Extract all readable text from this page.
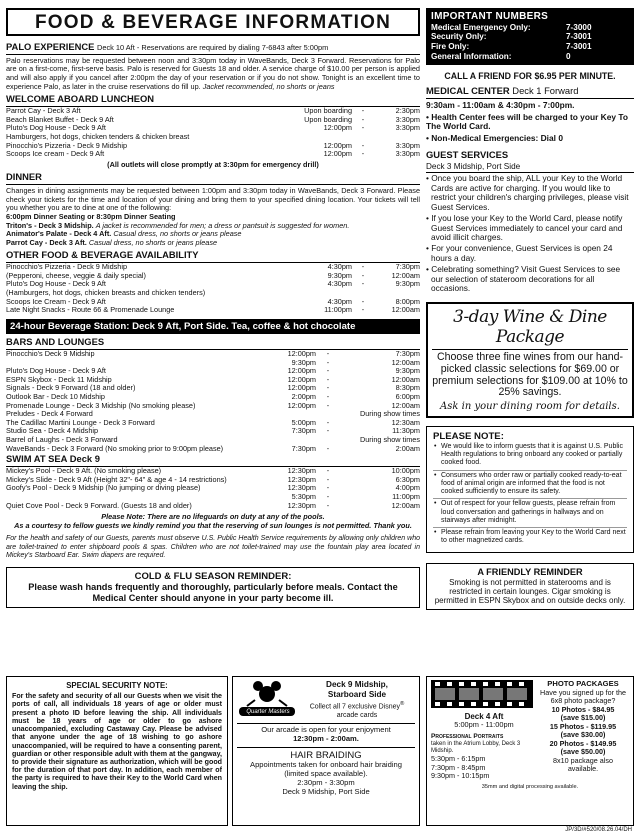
FOOD & BEVERAGE INFORMATION
PALO EXPERIENCE Deck 10 Aft - Reservations are required by dialing 7-6843 after 5:00pm

Palo reservations may be requested between noon and 3:30pm today in WaveBands, Deck 3 Forward. Reservations for Palo are on a first-come, first-serve basis. Palo is reserved for Guests 18 and older. A service charge of $10.00 per person is applied and will also apply if you cancel after 2:00pm the day of your reservation or if you do not show. Tonight is an excellent time to experience Palo, as later in the cruise reservations do fill up. Jacket recommended, no shorts or jeans

WELCOME ABOARD LUNCHEON
Parrot Cay - Deck 3 Aft	Upon boarding	-	2:30pm
Beach Blanket Buffet - Deck 9 Aft	Upon boarding	-	3:30pm
Pluto's Dog House - Deck 9 Aft	12:00pm	-	3:30pm
Hamburgers, hot dogs, chicken tenders & chicken breast
Pinocchio's Pizzeria - Deck 9 Midship	12:00pm	-	3:30pm
Scoops Ice cream - Deck 9 Aft	12:00pm	-	3:30pm
(All outlets will close promptly at 3:30pm for emergency drill)
DINNER

Changes in dining assignments may be requested between 1:00pm and 3:30pm today in WaveBands, Deck 3 Forward. Please check your tickets for the time and location of your dining and bring them to your specified dining location. Your tickets will tell you whether you are to dine at one of the following:

6:00pm Dinner Seating or 8:30pm Dinner Seating
Triton's - Deck 3 Midship. A jacket is recommended for men; a dress or pantsuit is suggested for women.
Animator's Palate - Deck 4 Aft. Casual dress, no shorts or jeans please
Parrot Cay - Deck 3 Aft. Casual dress, no shorts or jeans please
OTHER FOOD & BEVERAGE AVAILABILITY
Pinocchio's Pizzeria - Deck 9 Midship	4:30pm	-	7:30pm
(Pepperoni, cheese, veggie & daily special)	9:30pm	-	12:00am
Pluto's Dog House - Deck 9 Aft	4:30pm	-	9:30pm
(Hamburgers, hot dogs, chicken breasts and chicken tenders)
Scoops Ice Cream - Deck 9 Aft	4:30pm	-	8:00pm
Late Night Snacks - Route 66 & Promenade Lounge	11:00pm	-	12:00am
24-hour Beverage Station: Deck 9 Aft, Port Side. Tea, coffee & hot chocolate
BARS AND LOUNGES
Pinocchio's Deck 9 Midship	12:00pm	-	7:30pm
9:30pm	-	12:00am
Pluto's Dog House - Deck 9 Aft	12:00pm	-	9:30pm
ESPN Skybox - Deck 11 Midship	12:00pm	-	12:00am
Signals - Deck 9 Forward (18 and older)	12:00pm	-	8:30pm
Outlook Bar - Deck 10 Midship	2:00pm	-	6:00pm
Promenade Lounge - Deck 3 Midship (No smoking please)	12:00pm	-	12:00am
Preludes - Deck 4 Forward	During show times
The Cadillac Martini Lounge - Deck 3 Forward	5:00pm	-	12:30am
Studio Sea - Deck 4 Midship	7:30pm	-	11:30pm
Barrel of Laughs - Deck 3 Forward	During show times
WaveBands - Deck 3 Forward (No smoking prior to 9:00pm please)	7:30pm	-	2:00am
SWIM AT SEA Deck 9
Mickey's Pool - Deck 9 Aft. (No smoking please)	12:30pm	-	10:00pm
Mickey's Slide - Deck 9 Aft (Height 32"- 64" & age 4 - 14 restrictions)	12:30pm	-	6:30pm
Goofy's Pool - Deck 9 Midship (No jumping or diving please)	12:30pm	-	4:00pm
5:30pm	-	11:00pm
Quiet Cove Pool - Deck 9 Forward. (Guests 18 and older)	12:30pm	-	12:00am
Please Note: There are no lifeguards on duty at any of the pools.
As a courtesy to fellow guests we kindly remind you that the reserving of sun lounges is not permitted. Thank you.

For the health and safety of our Guests, parents must observe U.S. Public Health Service requirements by allowing only children who are toilet-trained to enter shipboard pools & spas. Children who are not toilet-trained may use the fountain play area located in Mickey's Starboard Ear. Swim diapers are required.

COLD & FLU SEASON REMINDER:
Please wash hands frequently and thoroughly, particularly before meals. Contact the Medical Center should anyone in your party become ill.
SPECIAL SECURITY NOTE:

For the safety and security of all our Guests when we visit the ports of call, all individuals 18 years of age or older must present a photo ID before leaving the ship. All individuals must be 18 years of age or older to go ashore unaccompanied, excluding Castaway Cay. Please be advised that anyone under the age of 18 wishing to go ashore unaccompanied, will be required to have a consenting parent, guardian or other responsible adult with them at the gangway, to provide their signature as authorization, which will be good for the duration of that port day. In addition, each member of the party is required to have their Key to the World Card when leaving the ship.

Quarter Masters
Deck 9 Midship,
Starboard Side
Collect all 7 exclusive Disney®
arcade cards
Our arcade is open for your enjoyment
12:30pm - 2:00am.
HAIR BRAIDING
Appointments taken for onboard hair braiding (limited space available).
2:30pm - 3:30pm
Deck 9 Midship, Port Side
Deck 4 Aft
5:00pm - 11:00pm
Professional Portraits
taken in the Atrium Lobby, Deck 3 Midship.
5:30pm - 6:15pm
7:30pm - 8:45pm
9:30pm - 10:15pm
PHOTO PACKAGES
Have you signed up for the 6x8 photo package?
10 Photos - $84.95
(save $15.00)
15 Photos - $119.95
(save $30.00)
20 Photos - $149.95
(save $50.00)
8x10 package also available.
35mm and digital processing available.
IMPORTANT NUMBERS
Medical Emergency Only:	7-3000
Security Only:	7-3001
Fire Only:	7-3001
General Information:	0
CALL A FRIEND FOR $6.95 PER MINUTE.
MEDICAL CENTER Deck 1 Forward
9:30am - 11:00am & 4:30pm - 7:00pm.
• Health Center fees will be charged to your Key To The World Card.
• Non-Medical Emergencies: Dial 0
GUEST SERVICES
Deck 3 Midship, Port Side

• Once you board the ship, ALL your Key to the World Cards are active for charging. If you would like to restrict your children's charging privileges, please visit Guest Services.

• If you lose your Key to the World Card, please notify Guest Services immediately to cancel your card and avoid illicit charges.

• For your convenience, Guest Services is open 24 hours a day.

• Celebrating something? Visit Guest Services to see our selection of stateroom decorations for all occasions.

3-day Wine & Dine Package
Choose three fine wines from our hand-picked classic selections for $69.00 or premium selections for $109.00 at 10% to 25% savings.
Ask in your dining room for details.
PLEASE NOTE:
• We would like to inform guests that it is against U.S. Public Health regulations to bring onboard any cooked or partially cooked food.
• Consumers who order raw or partially cooked ready-to-eat food of animal origin are informed that the food is not cooked sufficiently to ensure its safety.
• Out of respect for your fellow guests, please refrain from loud conversation and gatherings in hallways and on stairways after midnight.
• Please refrain from leaving your Key to the World Card next to other magnetized cards.
A FRIENDLY REMINDER
Smoking is not permitted in staterooms and is restricted in certain lounges. Cigar smoking is permitted in ESPN Skybox and on outside decks only.
JP/3D/#520/08.26.04/DH
